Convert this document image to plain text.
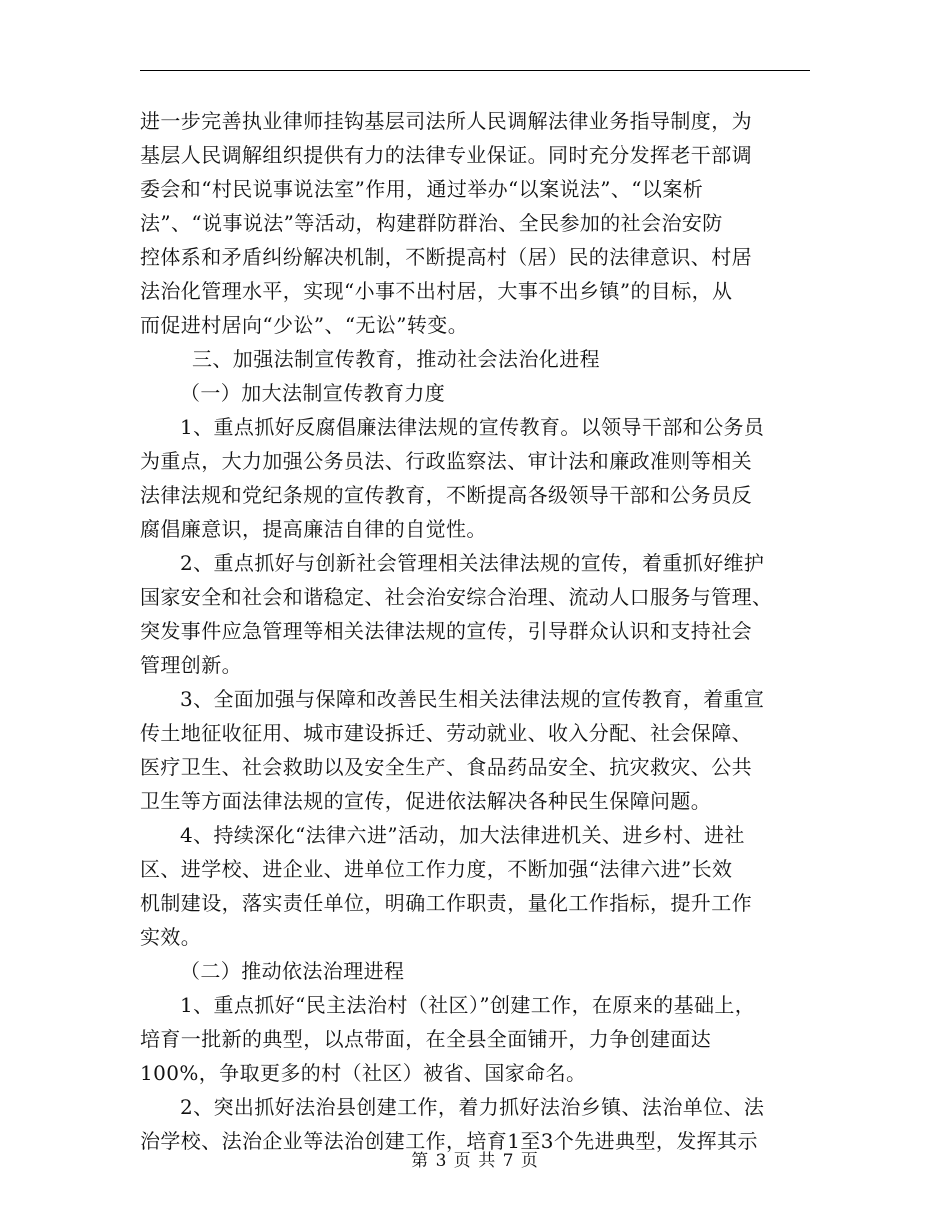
进一步完善执业律师挂钩基层司法所人民调解法律业务指导制度，为
基层人民调解组织提供有力的法律专业保证。同时充分发挥老干部调
委会和“村民说事说法室”作用，通过举办“以案说法”、“以案析
法”、“说事说法”等活动，构建群防群治、全民参加的社会治安防
控体系和矛盾纠纷解决机制，不断提高村（居）民的法律意识、村居
法治化管理水平，实现“小事不出村居，大事不出乡镇”的目标，从
而促进村居向“少讼”、“无讼”转变。
三、加强法制宣传教育，推动社会法治化进程
（一）加大法制宣传教育力度
1、重点抓好反腐倡廉法律法规的宣传教育。以领导干部和公务员
为重点，大力加强公务员法、行政监察法、审计法和廉政准则等相关
法律法规和党纪条规的宣传教育，不断提高各级领导干部和公务员反
腐倡廉意识，提高廉洁自律的自觉性。
2、重点抓好与创新社会管理相关法律法规的宣传，着重抓好维护
国家安全和社会和谐稳定、社会治安综合治理、流动人口服务与管理、
突发事件应急管理等相关法律法规的宣传，引导群众认识和支持社会
管理创新。
3、全面加强与保障和改善民生相关法律法规的宣传教育，着重宣
传土地征收征用、城市建设拆迁、劳动就业、收入分配、社会保障、
医疗卫生、社会救助以及安全生产、食品药品安全、抗灾救灾、公共
卫生等方面法律法规的宣传，促进依法解决各种民生保障问题。
4、持续深化“法律六进”活动，加大法律进机关、进乡村、进社
区、进学校、进企业、进单位工作力度，不断加强“法律六进”长效
机制建设，落实责任单位，明确工作职责，量化工作指标，提升工作
实效。
（二）推动依法治理进程
1、重点抓好“民主法治村（社区）”创建工作，在原来的基础上，
培育一批新的典型，以点带面，在全县全面铺开，力争创建面达
100%，争取更多的村（社区）被省、国家命名。
2、突出抓好法治县创建工作，着力抓好法治乡镇、法治单位、法
治学校、法治企业等法治创建工作，培育1至3个先进典型，发挥其示
第 3 页 共 7 页
